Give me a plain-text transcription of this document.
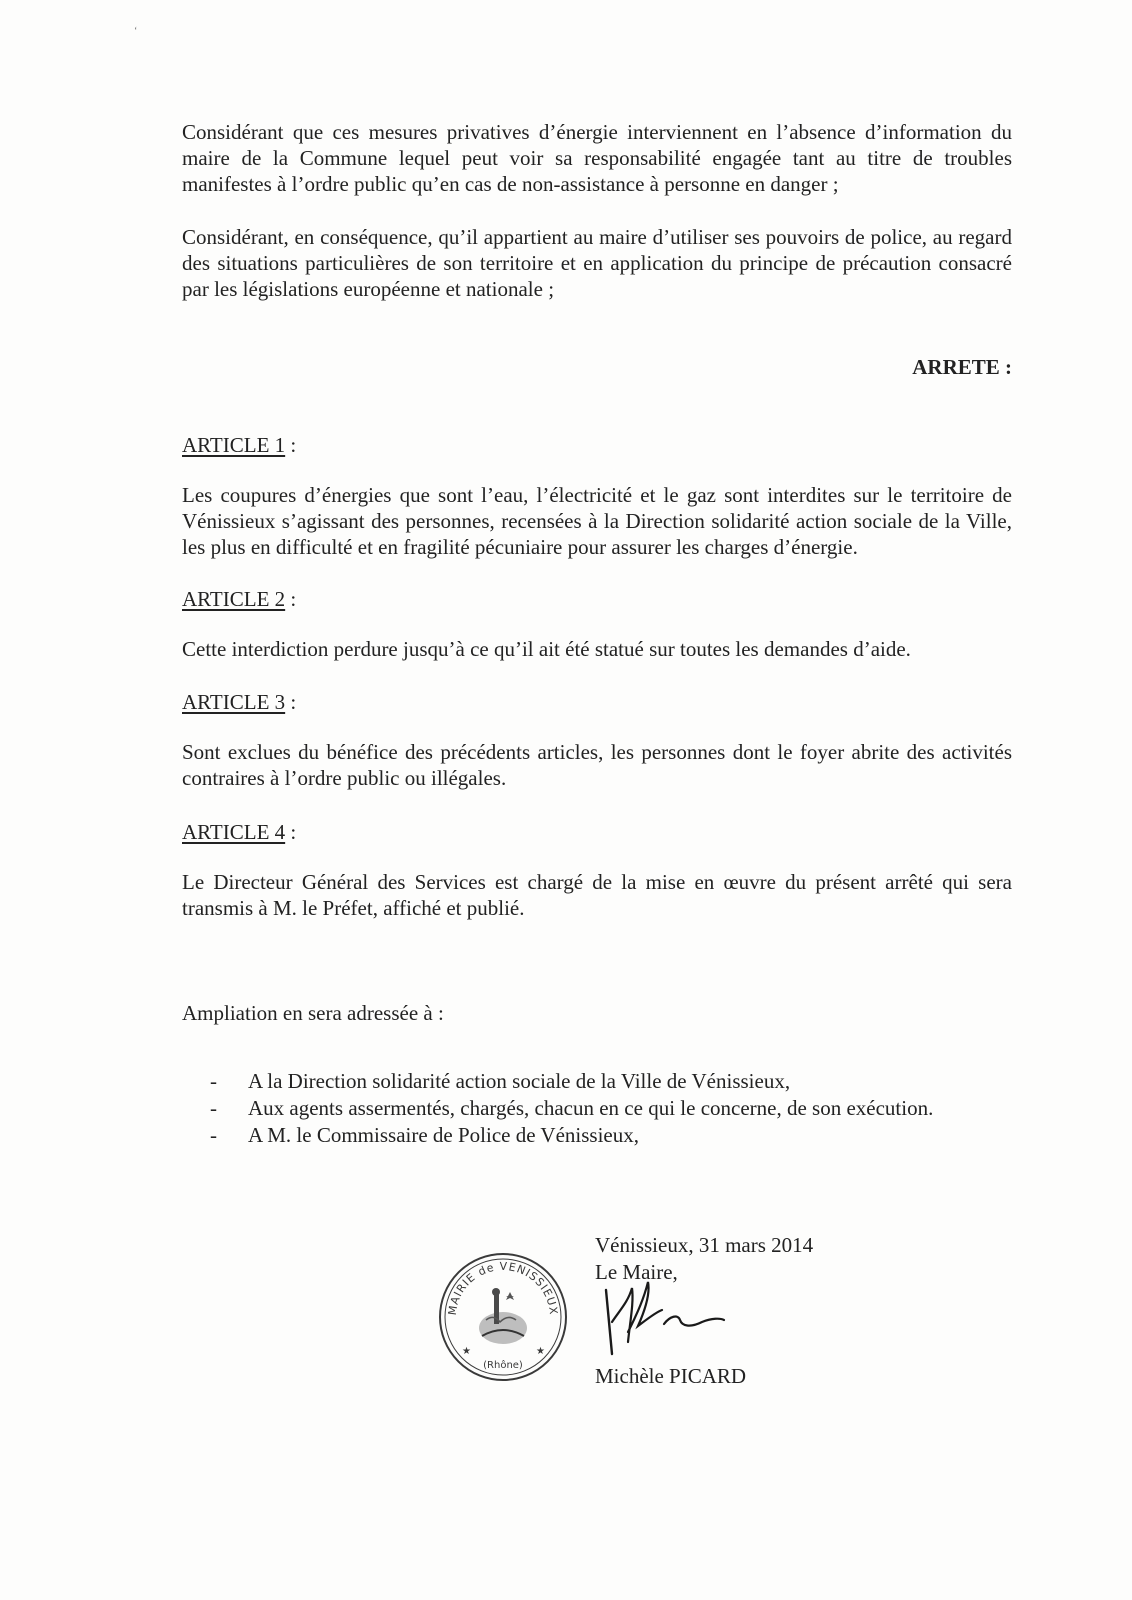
‘

Considérant que ces mesures privatives d’énergie interviennent en l’absence d’information du maire de la Commune lequel peut voir sa responsabilité engagée tant au titre de troubles manifestes à l’ordre public qu’en cas de non-assistance à personne en danger ;

Considérant, en conséquence, qu’il appartient au maire d’utiliser ses pouvoirs de police, au regard des situations particulières de son territoire et en application du principe de précaution consacré par les législations européenne et nationale ;

ARRETE :

ARTICLE 1 :

Les coupures d’énergies que sont l’eau, l’électricité et le gaz sont interdites sur le territoire de Vénissieux s’agissant des personnes, recensées à la Direction solidarité action sociale de la Ville, les plus en difficulté et en fragilité pécuniaire pour assurer les charges d’énergie.

ARTICLE 2 :

Cette interdiction perdure jusqu’à ce qu’il ait été statué sur toutes les demandes d’aide.

ARTICLE 3 :

Sont exclues du bénéfice des précédents articles, les personnes dont le foyer abrite des activités contraires à l’ordre public ou illégales.

ARTICLE 4 :

Le Directeur Général des Services est chargé de la mise en œuvre du présent arrêté qui sera transmis à M. le Préfet, affiché et publié.

Ampliation en sera adressée à :

- A la Direction solidarité action sociale de la Ville de Vénissieux,
- Aux agents assermentés, chargés, chacun en ce qui le concerne, de son exécution.
- A M. le Commissaire de Police de Vénissieux,
Vénissieux, 31 mars 2014
Le Maire,
MAIRIE de VENISSIEUX
(Rhône)
★	★
Michèle PICARD
